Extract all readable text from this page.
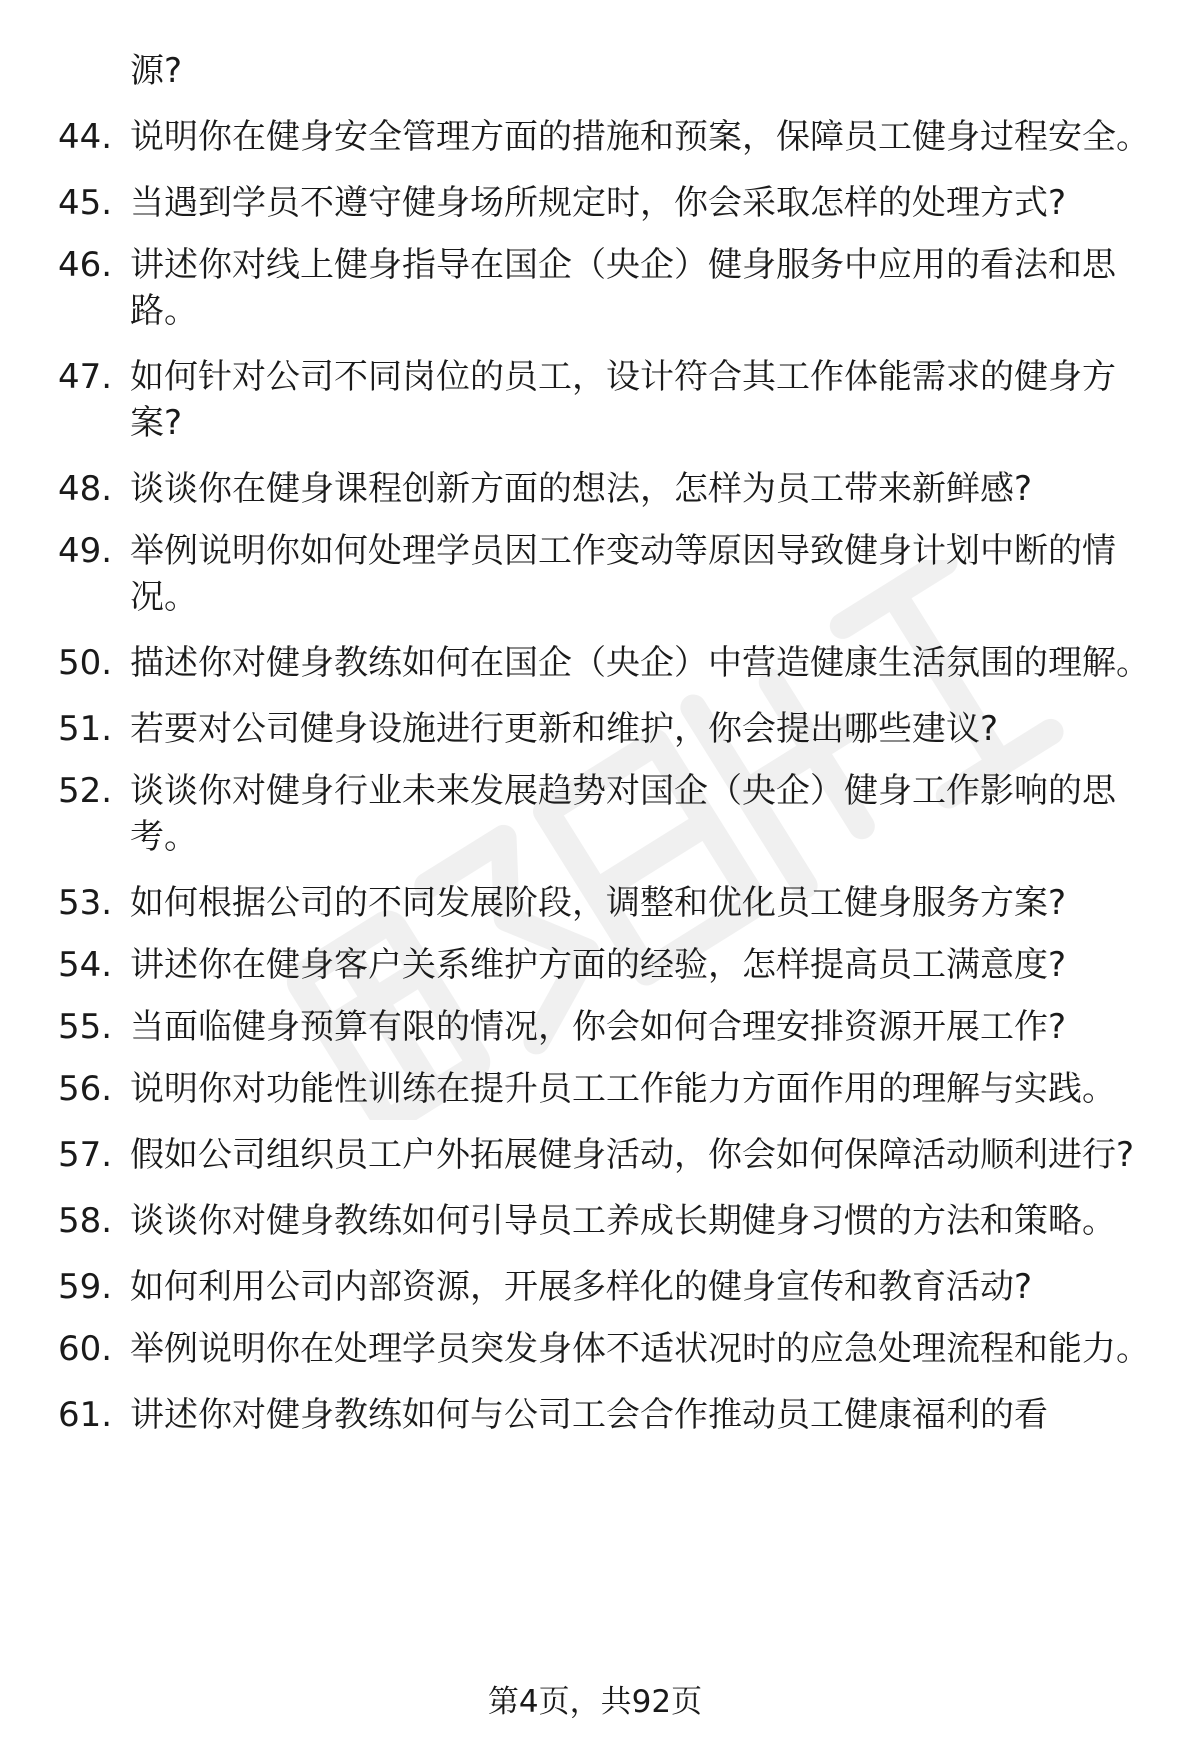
源?
44. 说明你在健身安全管理方面的措施和预案，保障员工健身过程安全。
45. 当遇到学员不遵守健身场所规定时，你会采取怎样的处理方式?
46. 讲述你对线上健身指导在国企（央企）健身服务中应用的看法和思路。
47. 如何针对公司不同岗位的员工，设计符合其工作体能需求的健身方案?
48. 谈谈你在健身课程创新方面的想法，怎样为员工带来新鲜感?
49. 举例说明你如何处理学员因工作变动等原因导致健身计划中断的情况。
50. 描述你对健身教练如何在国企（央企）中营造健康生活氛围的理解。
51. 若要对公司健身设施进行更新和维护，你会提出哪些建议?
52. 谈谈你对健身行业未来发展趋势对国企（央企）健身工作影响的思考。
53. 如何根据公司的不同发展阶段，调整和优化员工健身服务方案?
54. 讲述你在健身客户关系维护方面的经验，怎样提高员工满意度?
55. 当面临健身预算有限的情况，你会如何合理安排资源开展工作?
56. 说明你对功能性训练在提升员工工作能力方面作用的理解与实践。
57. 假如公司组织员工户外拓展健身活动，你会如何保障活动顺利进行?
58. 谈谈你对健身教练如何引导员工养成长期健身习惯的方法和策略。
59. 如何利用公司内部资源，开展多样化的健身宣传和教育活动?
60. 举例说明你在处理学员突发身体不适状况时的应急处理流程和能力。
61. 讲述你对健身教练如何与公司工会合作推动员工健康福利的看
第4页，共92页
